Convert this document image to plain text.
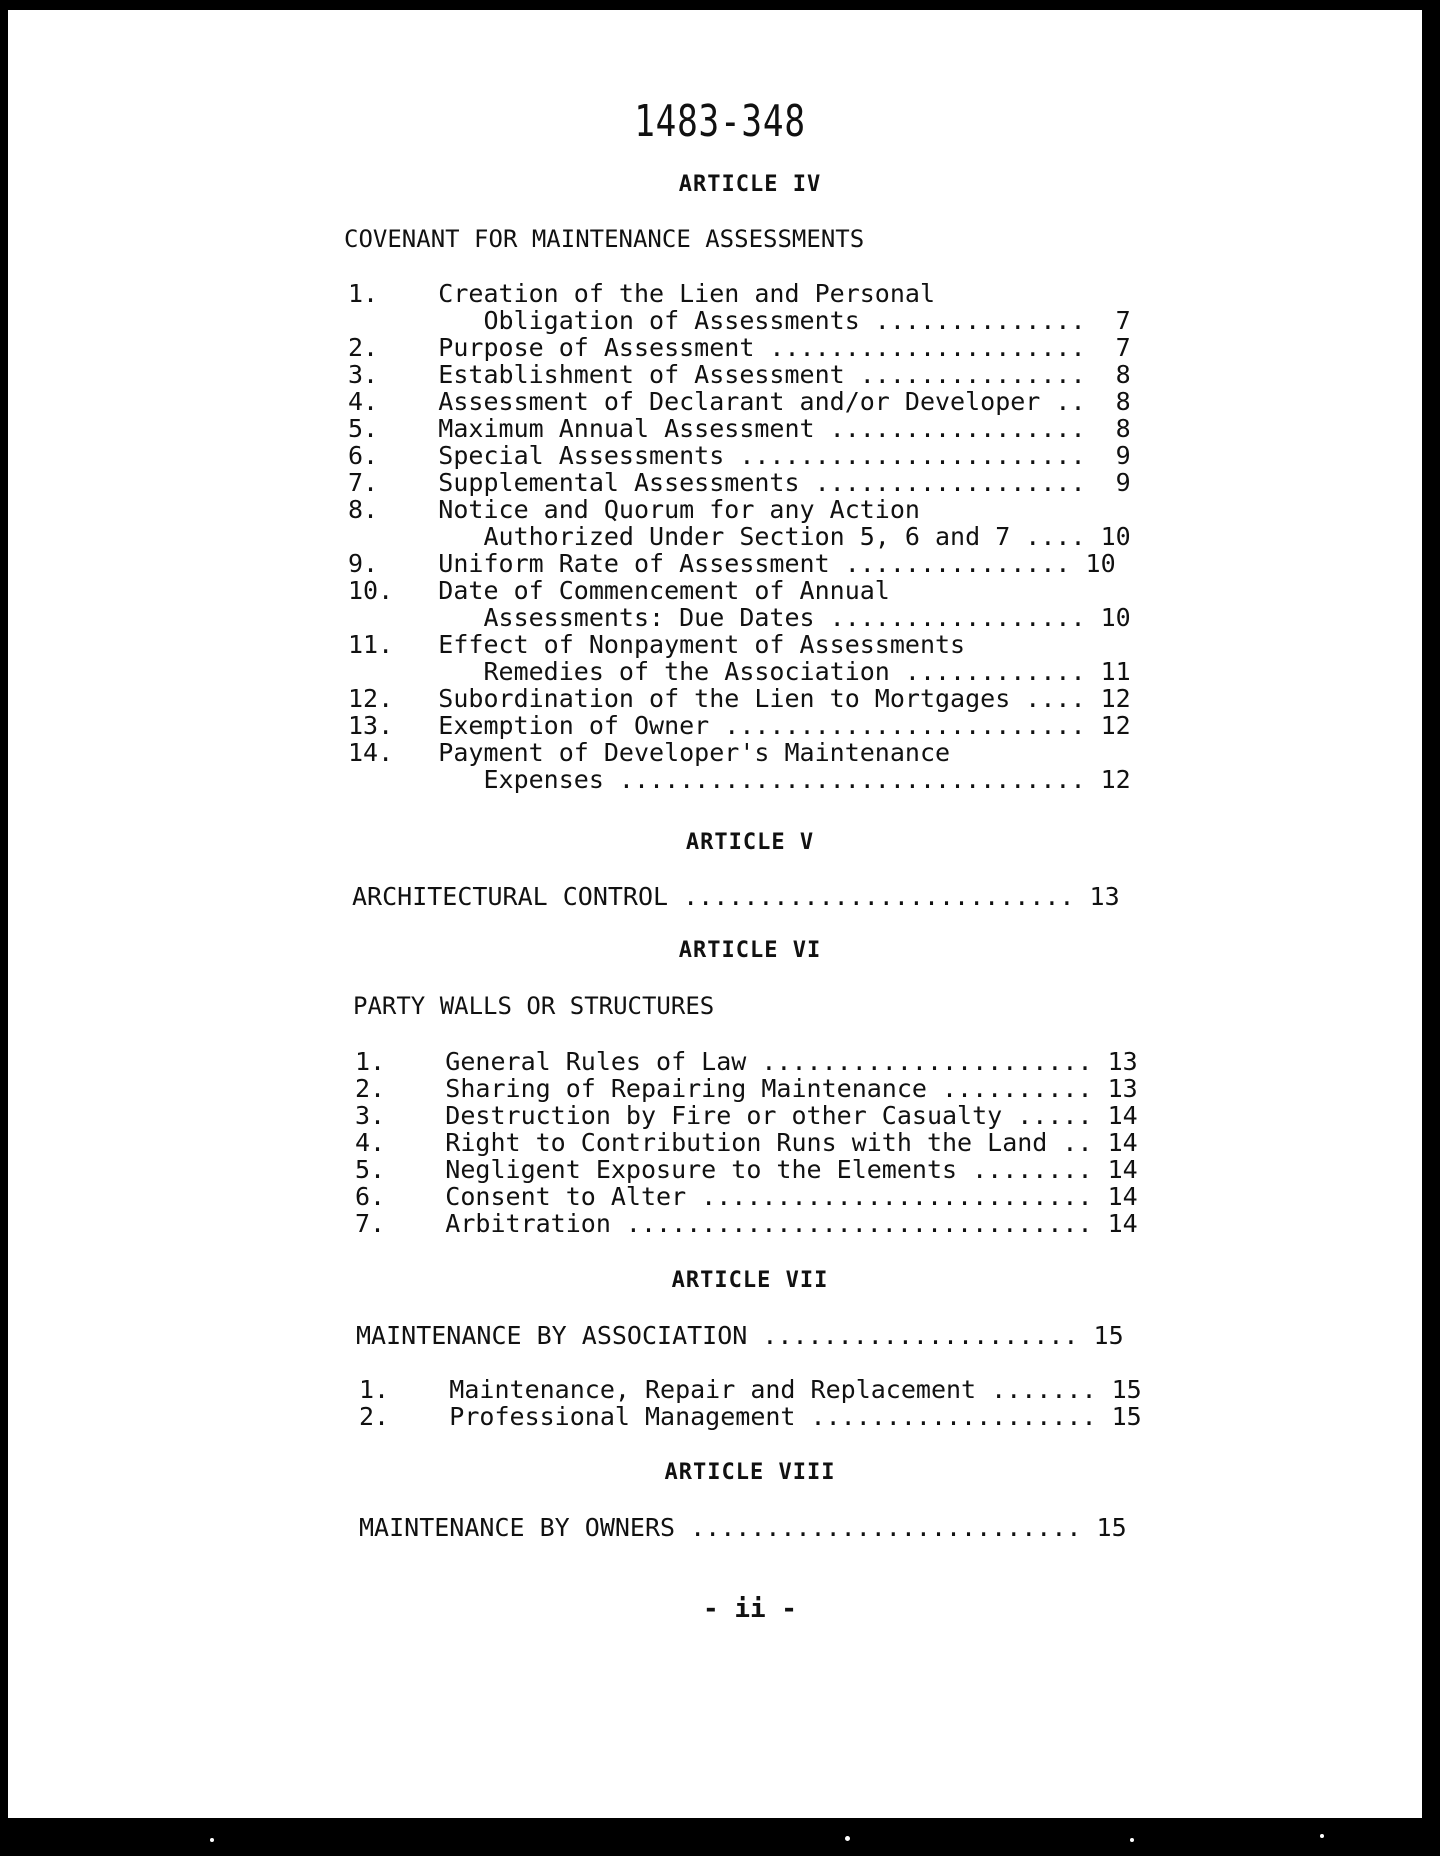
1483-348
ARTICLE IV
COVENANT FOR MAINTENANCE ASSESSMENTS
1.    Creation of the Lien and Personal
Obligation of Assessments ..............  7
2.    Purpose of Assessment .....................  7
3.    Establishment of Assessment ...............  8
4.    Assessment of Declarant and/or Developer ..  8
5.    Maximum Annual Assessment .................  8
6.    Special Assessments .......................  9
7.    Supplemental Assessments ..................  9
8.    Notice and Quorum for any Action
Authorized Under Section 5, 6 and 7 .... 10
9.    Uniform Rate of Assessment ............... 10
10.   Date of Commencement of Annual
Assessments: Due Dates ................. 10
11.   Effect of Nonpayment of Assessments
Remedies of the Association ............ 11
12.   Subordination of the Lien to Mortgages .... 12
13.   Exemption of Owner ........................ 12
14.   Payment of Developer's Maintenance
Expenses ............................... 12
ARTICLE V
ARCHITECTURAL CONTROL .......................... 13
ARTICLE VI
PARTY WALLS OR STRUCTURES
1.    General Rules of Law ...................... 13
2.    Sharing of Repairing Maintenance .......... 13
3.    Destruction by Fire or other Casualty ..... 14
4.    Right to Contribution Runs with the Land .. 14
5.    Negligent Exposure to the Elements ........ 14
6.    Consent to Alter .......................... 14
7.    Arbitration ............................... 14
ARTICLE VII
MAINTENANCE BY ASSOCIATION ..................... 15
1.    Maintenance, Repair and Replacement ....... 15
2.    Professional Management ................... 15
ARTICLE VIII
MAINTENANCE BY OWNERS .......................... 15
- ii -
